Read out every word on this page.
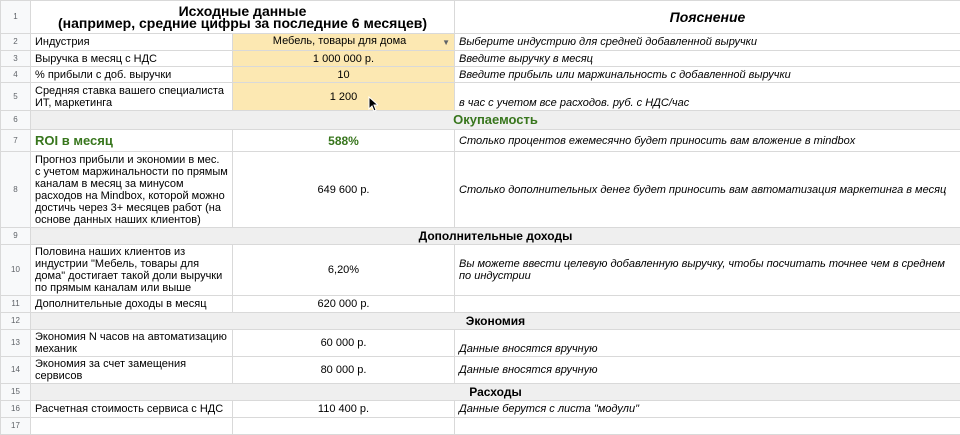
1	Исходные данные
(например, средние цифры за последние 6 месяцев)		Пояснение
2	Индустрия	Мебель, товары для дома ▼	Выберите индустрию для средней добавленной выручки
3	Выручка в месяц с НДС	1 000 000 р.	Введите выручку в месяц
4	% прибыли с доб. выручки	10	Введите прибыль или маржинальность с добавленной выручки
5	Средняя ставка вашего специалиста ИТ, маркетинга	1 200	в час с учетом все расходов. руб. с НДС/час
6	Окупаемость		
7	ROI в месяц	588%	Столько процентов ежемесячно будет приносить вам вложение в mindbox
8	Прогноз прибыли и экономии в мес. с учетом маржинальности по прямым каналам в месяц за минусом расходов на Mindbox, которой можно достичь через 3+ месяцев работ (на основе данных наших клиентов)	649 600 р.	Столько дополнительных денег будет приносить вам автоматизация маркетинга в месяц
9	Дополнительные доходы		
10	Половина наших клиентов из индустрии "Мебель, товары для дома" достигает такой доли выручки по прямым каналам или выше	6,20%	Вы можете ввести целевую добавленную выручку, чтобы посчитать точнее чем в среднем по индустрии
11	Дополнительные доходы в месяц	620 000 р.	
12	Экономия		
13	Экономия N часов на автоматизацию механик	60 000 р.	Данные вносятся вручную
14	Экономия за счет замещения сервисов	80 000 р.	Данные вносятся вручную
15	Расходы		
16	Расчетная стоимость сервиса с НДС	110 400 р.	Данные берутся с листа "модули"
17			
